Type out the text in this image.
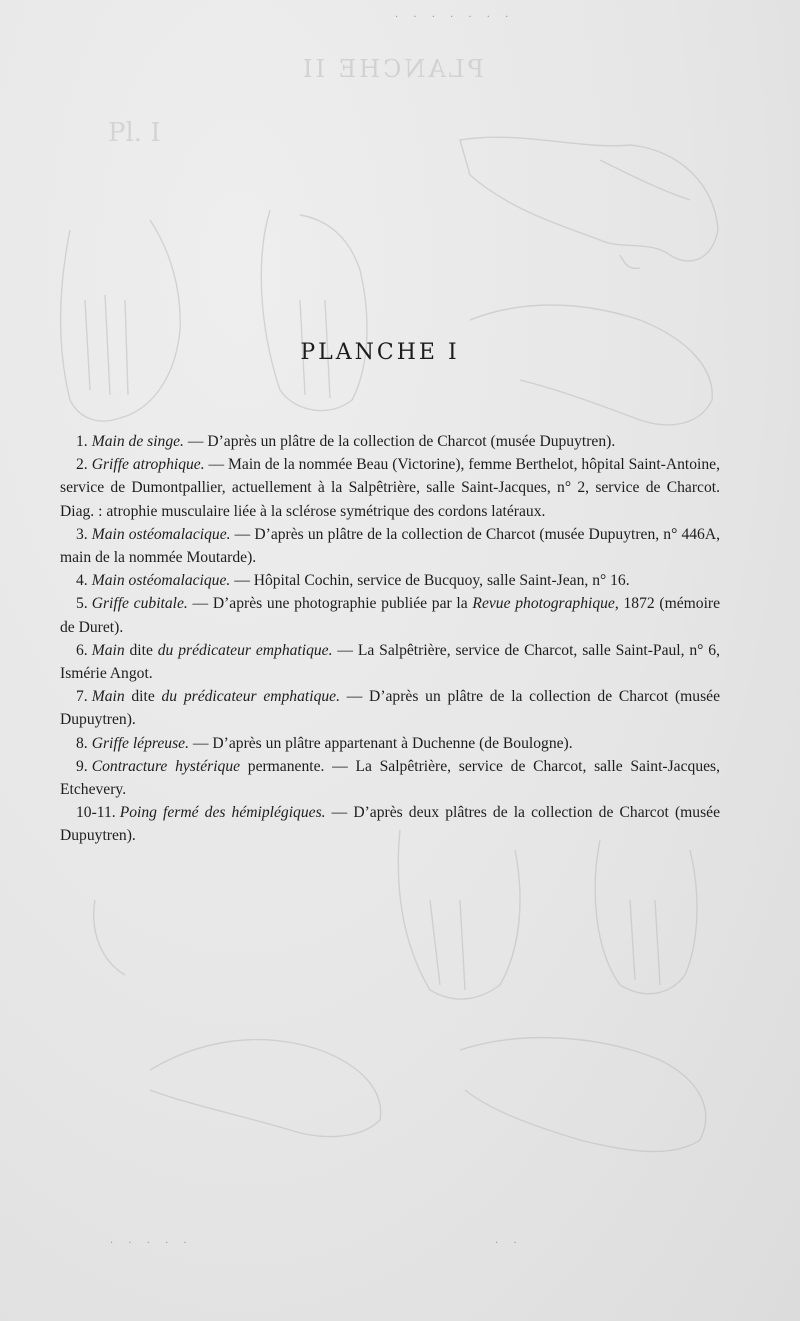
PLANCHE II
Pl. I
· · · · · · ·
· · · · ·	· ·
PLANCHE I

1. Main de singe. — D’après un plâtre de la collection de Charcot (musée Dupuytren).

2. Griffe atrophique. — Main de la nommée Beau (Victorine), femme Berthelot, hôpital Saint-Antoine, service de Dumontpallier, actuellement à la Salpêtrière, salle Saint-Jacques, n° 2, service de Charcot. Diag. : atrophie musculaire liée à la sclérose symétrique des cordons latéraux.

3. Main ostéomalacique. — D’après un plâtre de la collection de Charcot (musée Dupuytren, n° 446A, main de la nommée Moutarde).

4. Main ostéomalacique. — Hôpital Cochin, service de Bucquoy, salle Saint-Jean, n° 16.

5. Griffe cubitale. — D’après une photographie publiée par la Revue photographique, 1872 (mémoire de Duret).

6. Main dite du prédicateur emphatique. — La Salpêtrière, service de Charcot, salle Saint-Paul, n° 6, Ismérie Angot.

7. Main dite du prédicateur emphatique. — D’après un plâtre de la collection de Charcot (musée Dupuytren).

8. Griffe lépreuse. — D’après un plâtre appartenant à Duchenne (de Boulogne).

9. Contracture hystérique permanente. — La Salpêtrière, service de Charcot, salle Saint-Jacques, Etchevery.

10-11. Poing fermé des hémiplégiques. — D’après deux plâtres de la collection de Charcot (musée Dupuytren).
